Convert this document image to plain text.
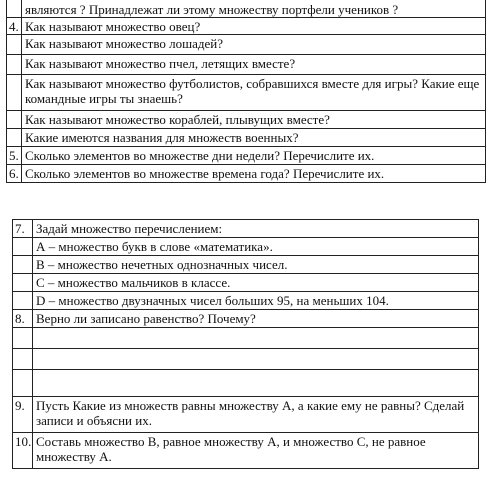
	являются ? Принадлежат ли этому множеству портфели учеников ?
4.	Как называют множество овец?
	Как называют множество лошадей?
	Как называют множество пчел, летящих вместе?
	Как называют множество футболистов, собравшихся вместе для игры? Какие еще командные игры ты знаешь?
	Как называют множество кораблей, плывущих вместе?
	Какие имеются названия для множеств военных?
5.	Сколько элементов во множестве дни недели? Перечислите их.
6.	Сколько элементов во множестве времена года? Перечислите их.
7.	Задай множество перечислением:
	А – множество букв в слове «математика».
	В – множество нечетных однозначных чисел.
	С – множество мальчиков в классе.
	D – множество двузначных чисел больших 95, на меньших 104.
8.	Верно ли записано равенство? Почему?

9.	Пусть Какие из множеств равны множеству A, а какие ему не равны? Сделай записи и объясни их.
10.	Составь множество B, равное множеству A, и множество C, не равное множеству A.
